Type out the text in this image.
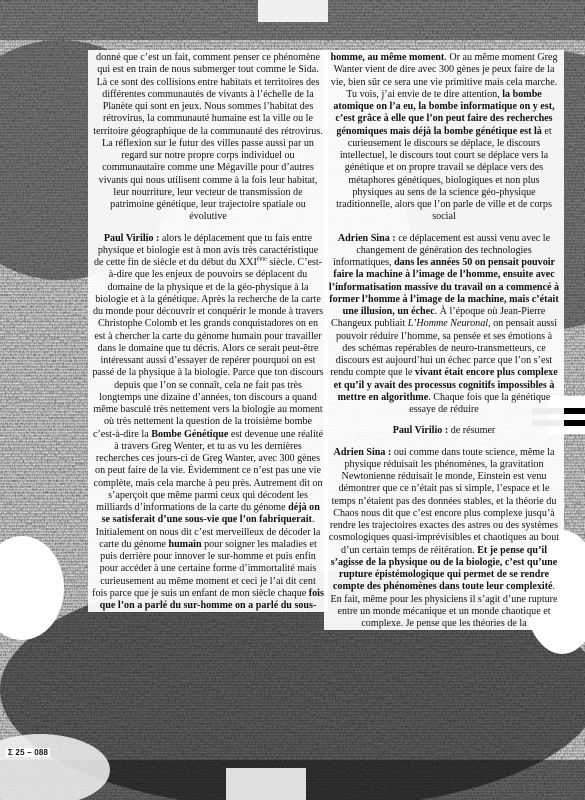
donné que c’est un fait, comment penser ce phénomène qui est en train de nous submerger tout comme le Sida. Là ce sont des collisions entre habitats et territoires des différentes communautés de vivants à l’échelle de la Planète qui sont en jeux. Nous sommes l’habitat des rétrovirus, la communauté humaine est la ville ou le territoire géographique de la communauté des rétrovirus. La réflexion sur le futur des villes passe aussi par un regard sur notre propre corps individuel ou communautaire comme une Mégaville pour d’autres vivants qui nous utilisent comme à la fois leur habitat, leur nourriture, leur vecteur de transmission de patrimoine génétique, leur trajectoire spatiale ou évolutive

Paul Virilio : alors le déplacement que tu fais entre physique et biologie est à mon avis très caractéristique de cette fin de siècle et du début du XXIème siècle. C’est-à-dire que les enjeux de pouvoirs se déplacent du domaine de la physique et de la géo-physique à la biologie et à la génétique. Après la recherche de la carte du monde pour découvrir et conquérir le monde à travers Christophe Colomb et les grands conquistadores on en est à chercher la carte du génome humain pour travailler dans le domaine que tu décris. Alors ce serait peut-être intéressant aussi d’essayer de repérer pourquoi on est passé de la physique à la biologie. Parce que ton discours depuis que l’on se connaît, cela ne fait pas très longtemps une dizaine d’années, ton discours a quand même basculé très nettement vers la biologie au moment où très nettement la question de la troisième bombe c’est-à-dire la Bombe Génétique est devenue une réalité à travers Greg Wenter, et tu as vu les dernières recherches ces jours-ci de Greg Wanter, avec 300 gènes on peut faire de la vie. Évidemment ce n’est pas une vie complète, mais cela marche à peu près. Autrement dit on s’aperçoit que même parmi ceux qui décodent les milliards d’informations de la carte du génome déjà on se satisferait d’une sous-vie que l’on fabriquerait. Initialement on nous dit c’est merveilleux de décoder la carte du génome humain pour soigner les maladies et puis derrière pour innover le sur-homme et puis enfin pour accéder à une certaine forme d’immortalité mais curieusement au même moment et ceci je l’ai dit cent fois parce que je suis un enfant de mon siècle chaque fois que l’on a parlé du sur-homme on a parlé du sous-

homme, au même moment. Or au même moment Greg Wanter vient de dire avec 300 gènes je peux faire de la vie, bien sûr ce sera une vie primitive mais cela marche. Tu vois, j’ai envie de te dire attention, la bombe atomique on l’a eu, la bombe informatique on y est, c’est grâce à elle que l’on peut faire des recherches génomiques mais déjà la bombe génétique est là et curieusement le discours se déplace, le discours intellectuel, le discours tout court se déplace vers la génétique et on propre travail se déplace vers des métaphores génétiques, biologiques et non plus physiques au sens de la science géo-physique traditionnelle, alors que l’on parle de ville et de corps social

Adrien Sina : ce déplacement est aussi venu avec le changement de génération des technologies informatiques, dans les années 50 on pensait pouvoir faire la machine à l’image de l’homme, ensuite avec l’informatisation massive du travail on a commencé à former l’homme à l’image de la machine, mais c’était une illusion, un échec. À l’époque où Jean-Pierre Changeux publiait L’Homme Neuronal, on pensait aussi pouvoir réduire l’homme, sa pensée et ses émotions à des schémas repérables de neuro-transmetteurs, ce discours est aujourd’hui un échec parce que l’on s’est rendu compte que le vivant était encore plus complexe et qu’il y avait des processus cognitifs impossibles à mettre en algorithme. Chaque fois que la génétique essaye de réduire

Paul Virilio : de résumer

Adrien Sina : oui comme dans toute science, même la physique réduisait les phénomènes, la gravitation Newtonienne réduisait le monde, Einstein est venu démontrer que ce n’était pas si simple, l’espace et le temps n’étaient pas des données stables, et la théorie du Chaos nous dit que c’est encore plus complexe jusqu’à rendre les trajectoires exactes des astres ou des systèmes cosmologiques quasi-imprévisibles et chaotiques au bout d’un certain temps de réitération. Et je pense qu’il s’agisse de la physique ou de la biologie, c’est qu’une rupture épistémologique qui permet de se rendre compte des phénomènes dans toute leur complexité. En fait, même pour les physiciens il s’agit d’une rupture entre un monde mécanique et un monde chaotique et complexe. Je pense que les théories de la

Σ 25 – 088
